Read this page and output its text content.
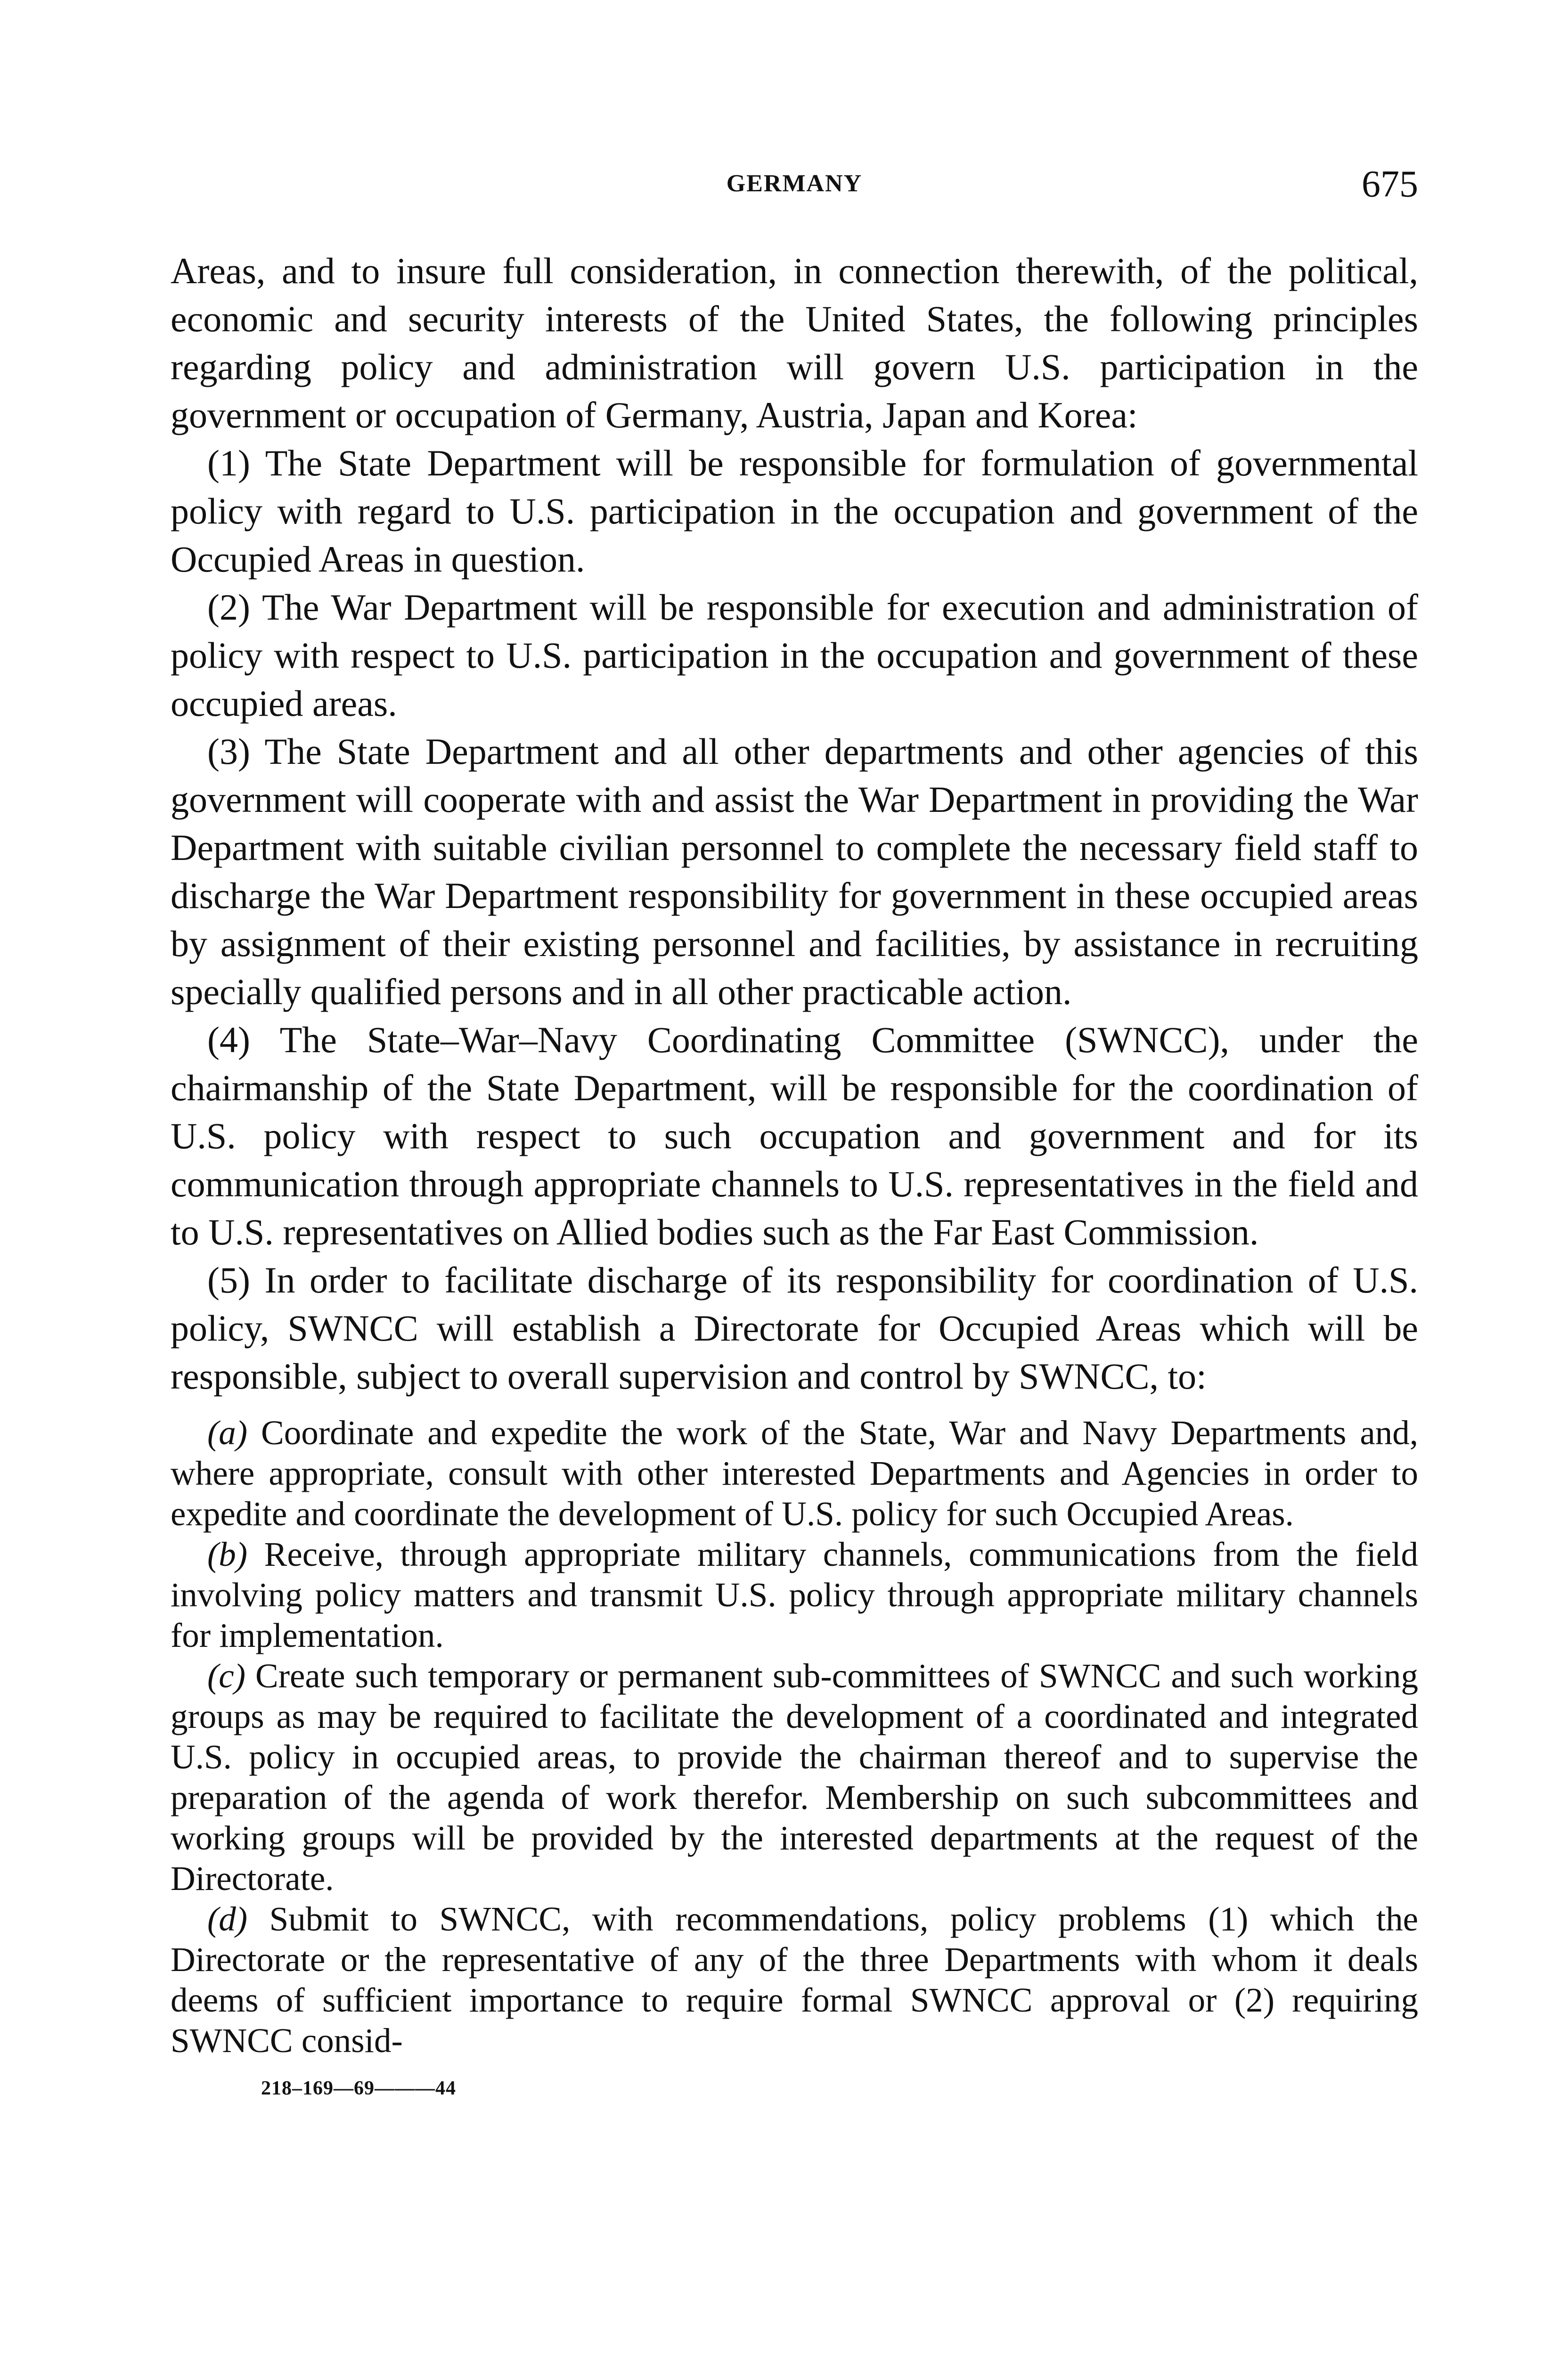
GERMANY	675

Areas, and to insure full consideration, in connection therewith, of the political, economic and security interests of the United States, the following principles regarding policy and administration will govern U.S. participation in the government or occupation of Germany, Austria, Japan and Korea:

(1) The State Department will be responsible for formulation of governmental policy with regard to U.S. participation in the occupation and government of the Occupied Areas in question.

(2) The War Department will be responsible for execution and administration of policy with respect to U.S. participation in the occupation and government of these occupied areas.

(3) The State Department and all other departments and other agencies of this government will cooperate with and assist the War Department in providing the War Department with suitable civilian personnel to complete the necessary field staff to discharge the War Department responsibility for government in these occupied areas by assignment of their existing personnel and facilities, by assistance in recruiting specially qualified persons and in all other practicable action.

(4) The State–War–Navy Coordinating Committee (SWNCC), under the chairmanship of the State Department, will be responsible for the coordination of U.S. policy with respect to such occupation and government and for its communication through appropriate channels to U.S. representatives in the field and to U.S. representatives on Allied bodies such as the Far East Commission.

(5) In order to facilitate discharge of its responsibility for coordination of U.S. policy, SWNCC will establish a Directorate for Occupied Areas which will be responsible, subject to overall supervision and control by SWNCC, to:

(a) Coordinate and expedite the work of the State, War and Navy Departments and, where appropriate, consult with other interested Departments and Agencies in order to expedite and coordinate the development of U.S. policy for such Occupied Areas.

(b) Receive, through appropriate military channels, communications from the field involving policy matters and transmit U.S. policy through appropriate military channels for implementation.

(c) Create such temporary or permanent sub-committees of SWNCC and such working groups as may be required to facilitate the development of a coordinated and integrated U.S. policy in occupied areas, to provide the chairman thereof and to supervise the preparation of the agenda of work therefor. Membership on such subcommittees and working groups will be provided by the interested departments at the request of the Directorate.

(d) Submit to SWNCC, with recommendations, policy problems (1) which the Directorate or the representative of any of the three Departments with whom it deals deems of sufficient importance to require formal SWNCC approval or (2) requiring SWNCC consid-

218–169—69———44
